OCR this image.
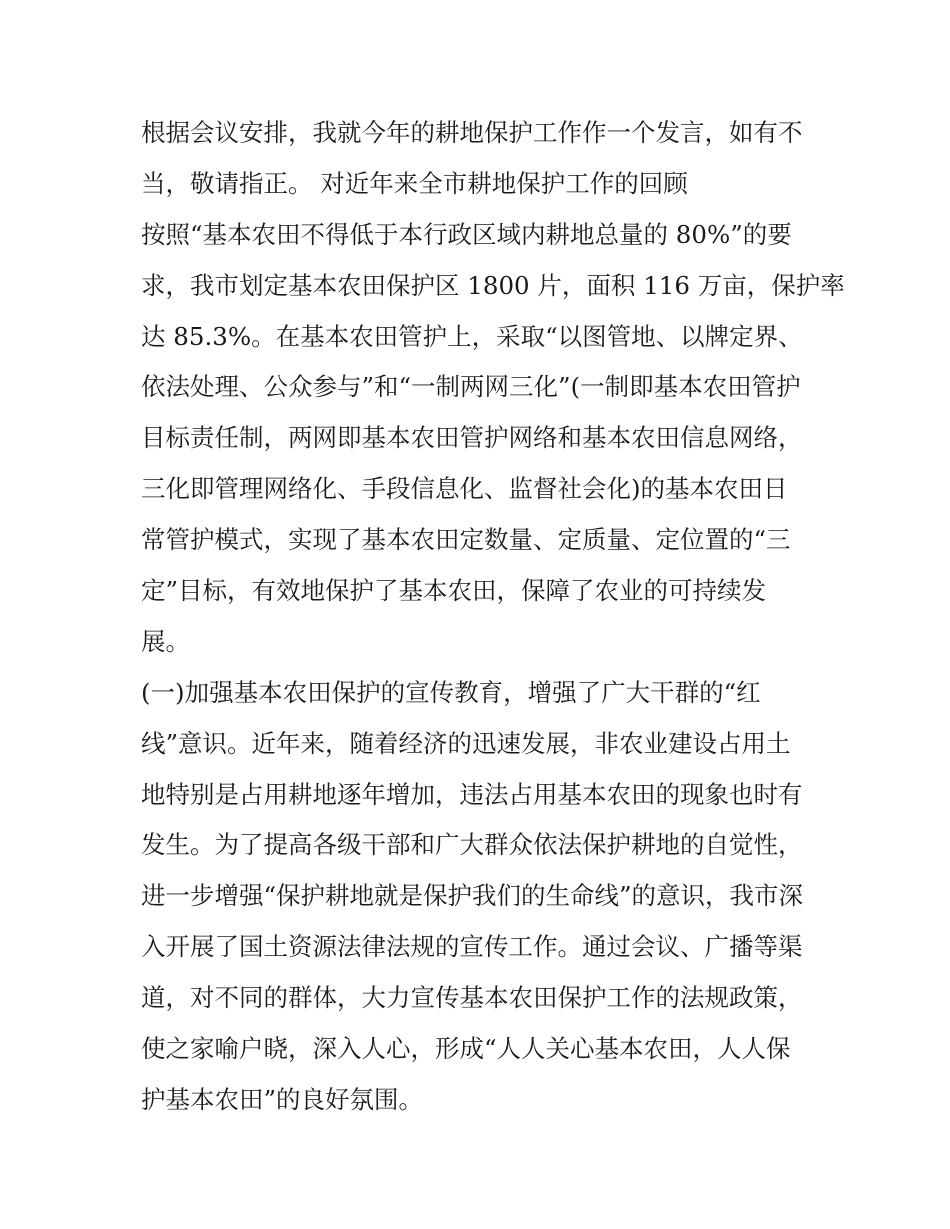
根据会议安排，我就今年的耕地保护工作作一个发言，如有不
当，敬请指正。 对近年来全市耕地保护工作的回顾
按照“基本农田不得低于本行政区域内耕地总量的 80%”的要
求，我市划定基本农田保护区 1800 片，面积 116 万亩，保护率
达 85.3%。在基本农田管护上，采取“以图管地、以牌定界、
依法处理、公众参与”和“一制两网三化”(一制即基本农田管护
目标责任制，两网即基本农田管护网络和基本农田信息网络，
三化即管理网络化、手段信息化、监督社会化)的基本农田日
常管护模式，实现了基本农田定数量、定质量、定位置的“三
定”目标，有效地保护了基本农田，保障了农业的可持续发
展。
(一)加强基本农田保护的宣传教育，增强了广大干群的“红
线”意识。近年来，随着经济的迅速发展，非农业建设占用土
地特别是占用耕地逐年增加，违法占用基本农田的现象也时有
发生。为了提高各级干部和广大群众依法保护耕地的自觉性，
进一步增强“保护耕地就是保护我们的生命线”的意识，我市深
入开展了国土资源法律法规的宣传工作。通过会议、广播等渠
道，对不同的群体，大力宣传基本农田保护工作的法规政策，
使之家喻户晓，深入人心，形成“人人关心基本农田，人人保
护基本农田”的良好氛围。
